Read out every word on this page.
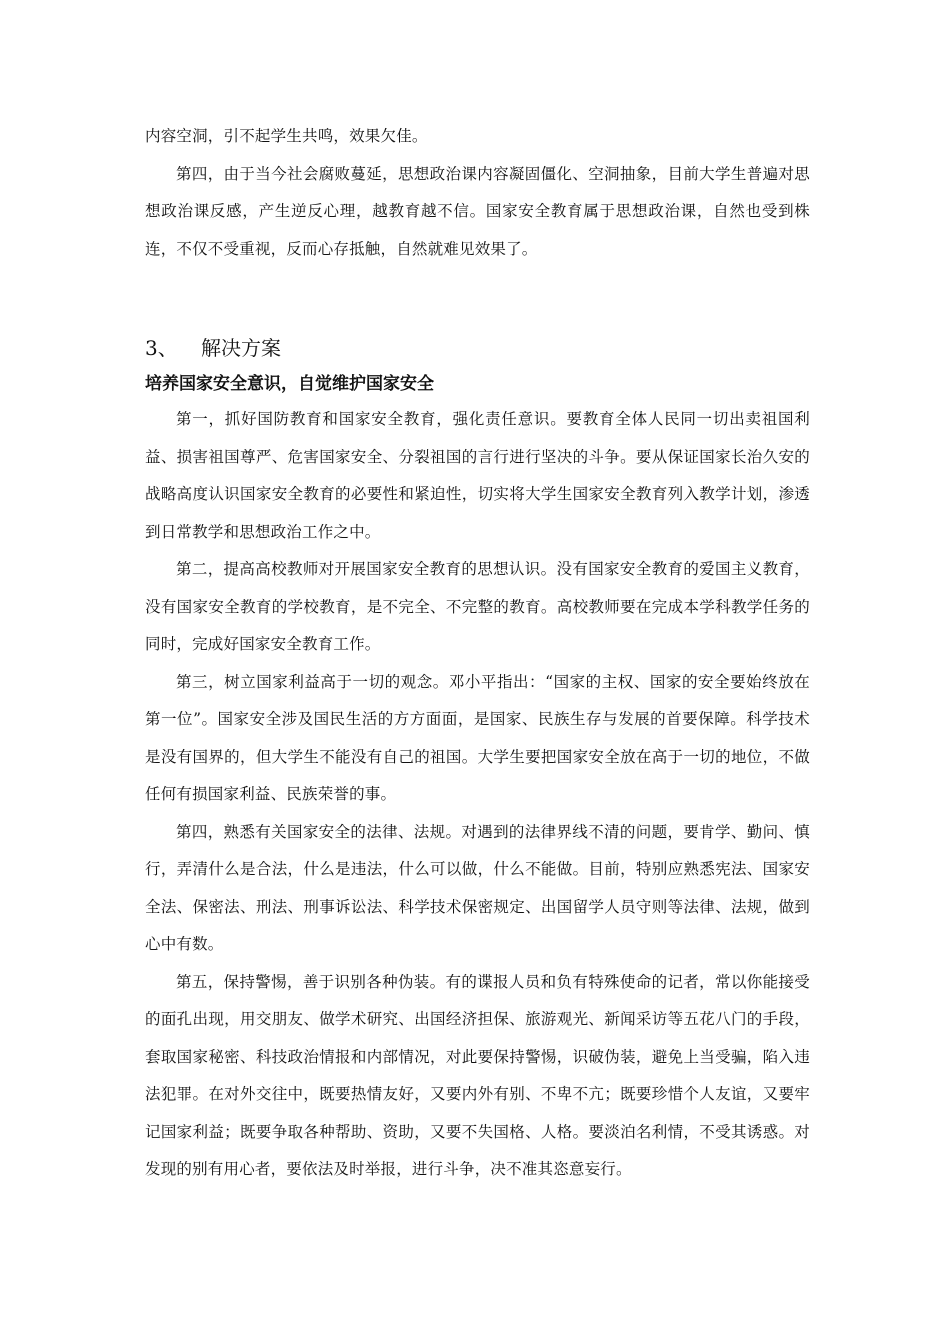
内容空洞，引不起学生共鸣，效果欠佳。

第四，由于当今社会腐败蔓延，思想政治课内容凝固僵化、空洞抽象，目前大学生普遍对思想政治课反感，产生逆反心理，越教育越不信。国家安全教育属于思想政治课，自然也受到株连，不仅不受重视，反而心存抵触，自然就难见效果了。

3、	解决方案
培养国家安全意识，自觉维护国家安全

第一，抓好国防教育和国家安全教育，强化责任意识。要教育全体人民同一切出卖祖国利益、损害祖国尊严、危害国家安全、分裂祖国的言行进行坚决的斗争。要从保证国家长治久安的战略高度认识国家安全教育的必要性和紧迫性，切实将大学生国家安全教育列入教学计划，渗透到日常教学和思想政治工作之中。

第二，提高高校教师对开展国家安全教育的思想认识。没有国家安全教育的爱国主义教育，没有国家安全教育的学校教育，是不完全、不完整的教育。高校教师要在完成本学科教学任务的同时，完成好国家安全教育工作。

第三，树立国家利益高于一切的观念。邓小平指出：“国家的主权、国家的安全要始终放在第一位”。国家安全涉及国民生活的方方面面，是国家、民族生存与发展的首要保障。科学技术是没有国界的，但大学生不能没有自己的祖国。大学生要把国家安全放在高于一切的地位，不做任何有损国家利益、民族荣誉的事。

第四，熟悉有关国家安全的法律、法规。对遇到的法律界线不清的问题，要肯学、勤问、慎行，弄清什么是合法，什么是违法，什么可以做，什么不能做。目前，特别应熟悉宪法、国家安全法、保密法、刑法、刑事诉讼法、科学技术保密规定、出国留学人员守则等法律、法规，做到心中有数。

第五，保持警惕，善于识别各种伪装。有的谍报人员和负有特殊使命的记者，常以你能接受的面孔出现，用交朋友、做学术研究、出国经济担保、旅游观光、新闻采访等五花八门的手段，套取国家秘密、科技政治情报和内部情况，对此要保持警惕，识破伪装，避免上当受骗，陷入违法犯罪。在对外交往中，既要热情友好，又要内外有别、不卑不亢；既要珍惜个人友谊，又要牢记国家利益；既要争取各种帮助、资助，又要不失国格、人格。要淡泊名利情，不受其诱惑。对发现的别有用心者，要依法及时举报，进行斗争，决不准其恣意妄行。
